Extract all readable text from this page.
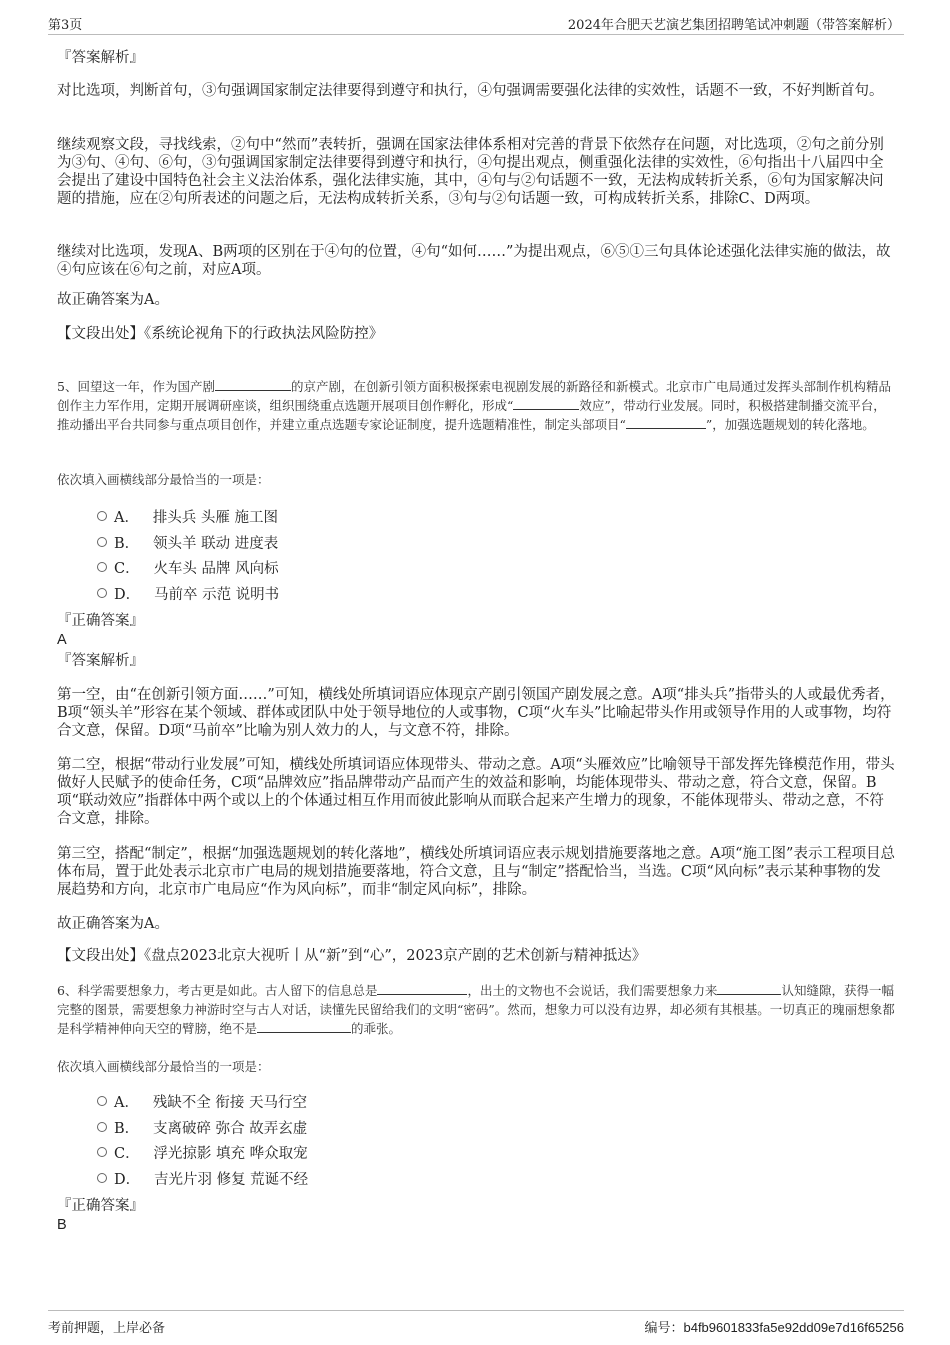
第3页	2024年合肥天艺演艺集团招聘笔试冲刺题（带答案解析）
『答案解析』

对比选项，判断首句，③句强调国家制定法律要得到遵守和执行，④句强调需要强化法律的实效性，话题不一致，不好判断首句。

继续观察文段，寻找线索，②句中“然而”表转折，强调在国家法律体系相对完善的背景下依然存在问题，对比选项，②句之前分别为③句、④句、⑥句，③句强调国家制定法律要得到遵守和执行，④句提出观点，侧重强化法律的实效性，⑥句指出十八届四中全会提出了建设中国特色社会主义法治体系，强化法律实施，其中，④句与②句话题不一致，无法构成转折关系，⑥句为国家解决问题的措施，应在②句所表述的问题之后，无法构成转折关系，③句与②句话题一致，可构成转折关系，排除C、D两项。

继续对比选项，发现A、B两项的区别在于④句的位置，④句“如何……”为提出观点，⑥⑤①三句具体论述强化法律实施的做法，故④句应该在⑥句之前，对应A项。

故正确答案为A。

【文段出处】《系统论视角下的行政执法风险防控》
5、回望这一年，作为国产剧	的京产剧，在创新引领方面积极探索电视剧发展的新路径和新模式。北京市广电局通过发挥头部制作机构精品创作主力军作用，定期开展调研座谈，组织围绕重点选题开展项目创作孵化，形成“	效应”，带动行业发展。同时，积极搭建制播交流平台，推动播出平台共同参与重点项目创作，并建立重点选题专家论证制度，提升选题精准性，制定头部项目“	”，加强选题规划的转化落地。
依次填入画横线部分最恰当的一项是：
A． 排头兵 头雁 施工图
B． 领头羊 联动 进度表
C． 火车头 品牌 风向标
D． 马前卒 示范 说明书
『正确答案』
A
『答案解析』

第一空，由“在创新引领方面……”可知，横线处所填词语应体现京产剧引领国产剧发展之意。A项“排头兵”指带头的人或最优秀者，B项“领头羊”形容在某个领域、群体或团队中处于领导地位的人或事物，C项“火车头”比喻起带头作用或领导作用的人或事物，均符合文意，保留。D项“马前卒”比喻为别人效力的人，与文意不符，排除。

第二空，根据“带动行业发展”可知，横线处所填词语应体现带头、带动之意。A项“头雁效应”比喻领导干部发挥先锋模范作用，带头做好人民赋予的使命任务，C项“品牌效应”指品牌带动产品而产生的效益和影响，均能体现带头、带动之意，符合文意，保留。B项“联动效应”指群体中两个或以上的个体通过相互作用而彼此影响从而联合起来产生增力的现象，不能体现带头、带动之意，不符合文意，排除。

第三空，搭配“制定”，根据“加强选题规划的转化落地”，横线处所填词语应表示规划措施要落地之意。A项“施工图”表示工程项目总体布局，置于此处表示北京市广电局的规划措施要落地，符合文意，且与“制定”搭配恰当，当选。C项“风向标”表示某种事物的发展趋势和方向，北京市广电局应“作为风向标”，而非“制定风向标”，排除。

故正确答案为A。

【文段出处】《盘点2023北京大视听丨从“新”到“心”，2023京产剧的艺术创新与精神抵达》
6、科学需要想象力，考古更是如此。古人留下的信息总是	，出土的文物也不会说话，我们需要想象力来	认知缝隙，获得一幅完整的图景，需要想象力神游时空与古人对话，读懂先民留给我们的文明“密码”。然而，想象力可以没有边界，却必须有其根基。一切真正的瑰丽想象都是科学精神伸向天空的臂膀，绝不是	的乖张。
依次填入画横线部分最恰当的一项是：
A． 残缺不全 衔接 天马行空
B． 支离破碎 弥合 故弄玄虚
C． 浮光掠影 填充 哗众取宠
D． 吉光片羽 修复 荒诞不经
『正确答案』
B
考前押题，上岸必备	编号：b4fb9601833fa5e92dd09e7d16f65256
